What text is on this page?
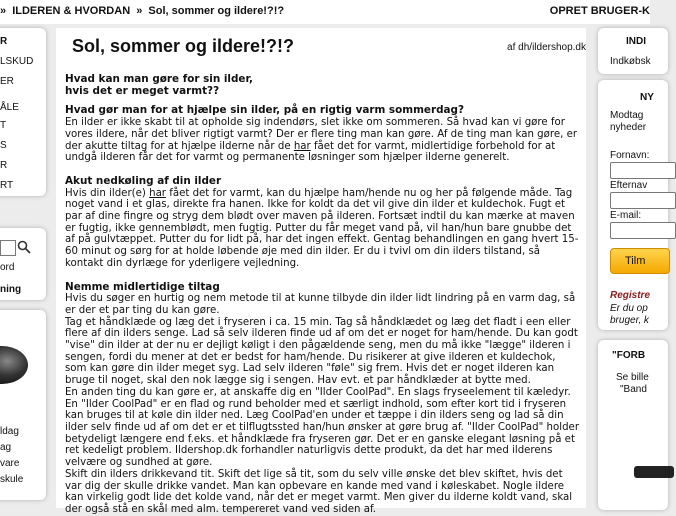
» ILDEREN & HVORDAN » Sol, sommer og ildere!?!?	OPRET BRUGER-K
R
LSKUD
ER
ÅLE
T
S
R
RT
ord
ning
ldag
ag
vare
skule
Sol, sommer og ildere!?!?	af dh/ildershop.dk
Hvad kan man gøre for sin ilder,
hvis det er meget varmt??
Hvad gør man for at hjælpe sin ilder, på en rigtig varm sommerdag?

En ilder er ikke skabt til at opholde sig indendørs, slet ikke om sommeren. Så hvad kan vi gøre for vores ildere, når det bliver rigtigt varmt? Der er flere ting man kan gøre. Af de ting man kan gøre, er der akutte tiltag for at hjælpe ilderne når de har fået det for varmt, midlertidige forbehold for at undgå ilderen får det for varmt og permanente løsninger som hjælper ilderne generelt.

Akut nedkøling af din ilder

Hvis din ilder(e) har fået det for varmt, kan du hjælpe ham/hende nu og her på følgende måde. Tag noget vand i et glas, direkte fra hanen. Ikke for koldt da det vil give din ilder et kuldechok. Fugt et par af dine fingre og stryg dem blødt over maven på ilderen. Fortsæt indtil du kan mærke at maven er fugtig, ikke gennemblødt, men fugtig. Putter du får meget vand på, vil han/hun bare gnubbe det af på gulvtæppet. Putter du for lidt på, har det ingen effekt. Gentag behandlingen en gang hvert 15-60 minut og sørg for at holde løbende øje med din ilder. Er du i tvivl om din ilders tilstand, så kontakt din dyrlæge for yderligere vejledning.

Nemme midlertidige tiltag
Hvis du søger en hurtig og nem metode til at kunne tilbyde din ilder lidt lindring på en varm dag, så er der et par ting du kan gøre.
Tag et håndklæde og læg det i fryseren i ca. 15 min. Tag så håndklædet og læg det fladt i een eller flere af din ilders senge. Lad så selv ilderen finde ud af om det er noget for ham/hende. Du kan godt "vise" din ilder at der nu er dejligt køligt i den pågældende seng, men du må ikke "lægge" ilderen i sengen, fordi du mener at det er bedst for ham/hende. Du risikerer at give ilderen et kuldechok, som kan gøre din ilder meget syg. Lad selv ilderen "føle" sig frem. Hvis det er noget ilderen kan bruge til noget, skal den nok lægge sig i sengen. Hav evt. et par håndklæder at bytte med.
En anden ting du kan gøre er, at anskaffe dig en "Ilder CoolPad". En slags fryseelement til kæledyr. En "Ilder CoolPad" er en flad og rund beholder med et særligt indhold, som efter kort tid i fryseren kan bruges til at køle din ilder ned. Læg CoolPad'en under et tæppe i din ilders seng og lad så din ilder selv finde ud af om det er et tilflugtssted han/hun ønsker at gøre brug af. "Ilder CoolPad" holder betydeligt længere end f.eks. et håndklæde fra fryseren gør. Det er en ganske elegant løsning på et ret kedeligt problem. Ildershop.dk forhandler naturligvis dette produkt, da det har med ilderens velvære og sundhed at gøre.
Skift din ilders drikkevand tit. Skift det lige så tit, som du selv ville ønske det blev skiftet, hvis det var dig der skulle drikke vandet. Man kan opbevare en kande med vand i køleskabet. Nogle ildere kan virkelig godt lide det kolde vand, når det er meget varmt. Men giver du ilderne koldt vand, skal der også stå en skål med alm. tempereret vand ved siden af.
INDI
Indkøbsk
NY
Modtag
nyheder
Fornavn:
Efternav
E-mail:
Tilm
Registre
Er du op
bruger, k
"FORB
Se bille
"Band
